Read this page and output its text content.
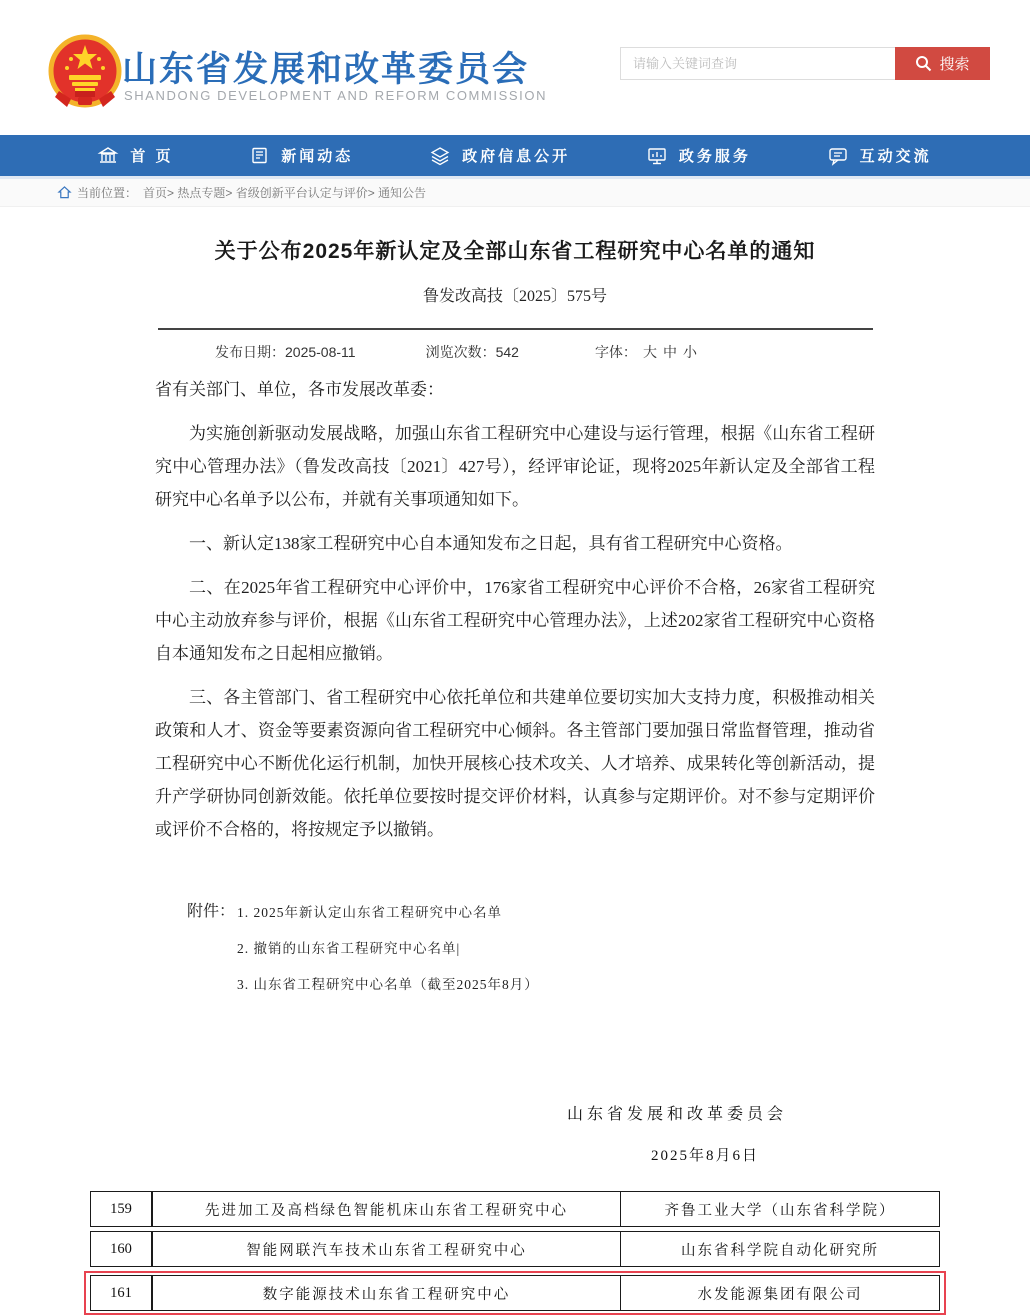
山东省发展和改革委员会
SHANDONG DEVELOPMENT AND REFORM COMMISSION
请输入关键词查询
搜索
首 页	新闻动态	政府信息公开	政务服务	互动交流
当前位置： 首页> 热点专题> 省级创新平台认定与评价> 通知公告
关于公布2025年新认定及全部山东省工程研究中心名单的通知
鲁发改高技〔2025〕575号
发布日期：2025-08-11	浏览次数：542	字体： 大 中 小

省有关部门、单位，各市发展改革委：

为实施创新驱动发展战略，加强山东省工程研究中心建设与运行管理，根据《山东省工程研究中心管理办法》（鲁发改高技〔2021〕427号），经评审论证，现将2025年新认定及全部省工程研究中心名单予以公布，并就有关事项通知如下。

一、新认定138家工程研究中心自本通知发布之日起，具有省工程研究中心资格。

二、在2025年省工程研究中心评价中，176家省工程研究中心评价不合格，26家省工程研究中心主动放弃参与评价，根据《山东省工程研究中心管理办法》，上述202家省工程研究中心资格自本通知发布之日起相应撤销。

三、各主管部门、省工程研究中心依托单位和共建单位要切实加大支持力度，积极推动相关政策和人才、资金等要素资源向省工程研究中心倾斜。各主管部门要加强日常监督管理，推动省工程研究中心不断优化运行机制，加快开展核心技术攻关、人才培养、成果转化等创新活动，提升产学研协同创新效能。依托单位要按时提交评价材料，认真参与定期评价。对不参与定期评价或评价不合格的，将按规定予以撤销。

附件： 1. 2025年新认定山东省工程研究中心名单
2. 撤销的山东省工程研究中心名单|
3. 山东省工程研究中心名单（截至2025年8月）
山东省发展和改革委员会
2025年8月6日
159	先进加工及高档绿色智能机床山东省工程研究中心	齐鲁工业大学（山东省科学院）
160	智能网联汽车技术山东省工程研究中心	山东省科学院自动化研究所
161	数字能源技术山东省工程研究中心	水发能源集团有限公司
